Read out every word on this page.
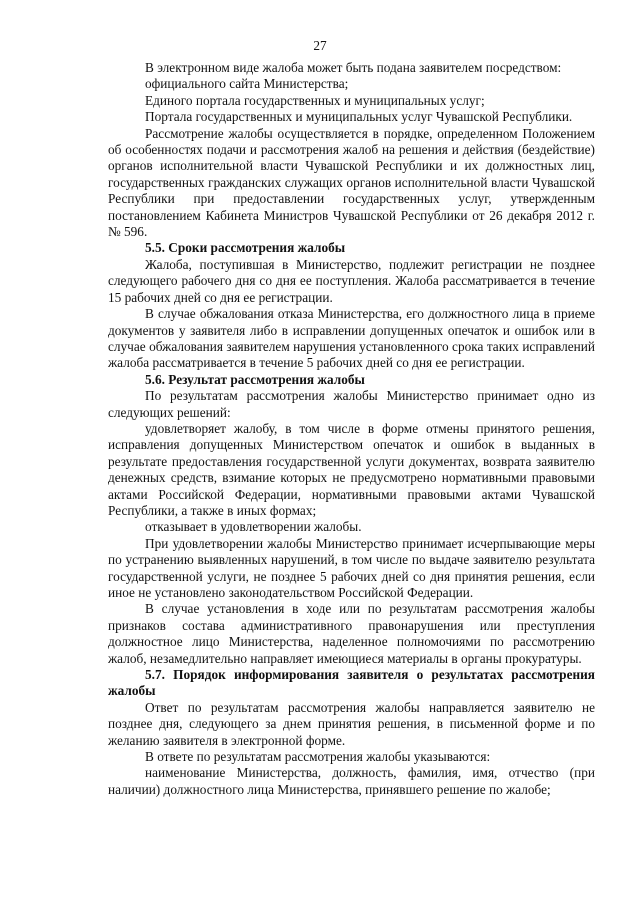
27

В электронном виде жалоба может быть подана заявителем посредством:

официального сайта Министерства;

Единого портала государственных и муниципальных услуг;

Портала государственных и муниципальных услуг Чувашской Республики.

Рассмотрение жалобы осуществляется в порядке, определенном Положением об особенностях подачи и рассмотрения жалоб на решения и действия (бездействие) органов исполнительной власти Чувашской Республики и их должностных лиц, государственных гражданских служащих органов исполнительной власти Чувашской Республики при предоставлении государственных услуг, утвержденным постановлением Кабинета Министров Чувашской Республики от 26 декабря 2012 г. № 596.

5.5. Сроки рассмотрения жалобы

Жалоба, поступившая в Министерство, подлежит регистрации не позднее следующего рабочего дня со дня ее поступления. Жалоба рассматривается в течение 15 рабочих дней со дня ее регистрации.

В случае обжалования отказа Министерства, его должностного лица в приеме документов у заявителя либо в исправлении допущенных опечаток и ошибок или в случае обжалования заявителем нарушения установленного срока таких исправлений жалоба рассматривается в течение 5 рабочих дней со дня ее регистрации.

5.6. Результат рассмотрения жалобы

По результатам рассмотрения жалобы Министерство принимает одно из следующих решений:

удовлетворяет жалобу, в том числе в форме отмены принятого решения, исправления допущенных Министерством опечаток и ошибок в выданных в результате предоставления государственной услуги документах, возврата заявителю денежных средств, взимание которых не предусмотрено нормативными правовыми актами Российской Федерации, нормативными правовыми актами Чувашской Республики, а также в иных формах;

отказывает в удовлетворении жалобы.

При удовлетворении жалобы Министерство принимает исчерпывающие меры по устранению выявленных нарушений, в том числе по выдаче заявителю результата государственной услуги, не позднее 5 рабочих дней со дня принятия решения, если иное не установлено законодательством Российской Федерации.

В случае установления в ходе или по результатам рассмотрения жалобы признаков состава административного правонарушения или преступления должностное лицо Министерства, наделенное полномочиями по рассмотрению жалоб, незамедлительно направляет имеющиеся материалы в органы прокуратуры.

5.7. Порядок информирования заявителя о результатах рассмотрения жалобы

Ответ по результатам рассмотрения жалобы направляется заявителю не позднее дня, следующего за днем принятия решения, в письменной форме и по желанию заявителя в электронной форме.

В ответе по результатам рассмотрения жалобы указываются:

наименование Министерства, должность, фамилия, имя, отчество (при наличии) должностного лица Министерства, принявшего решение по жалобе;
